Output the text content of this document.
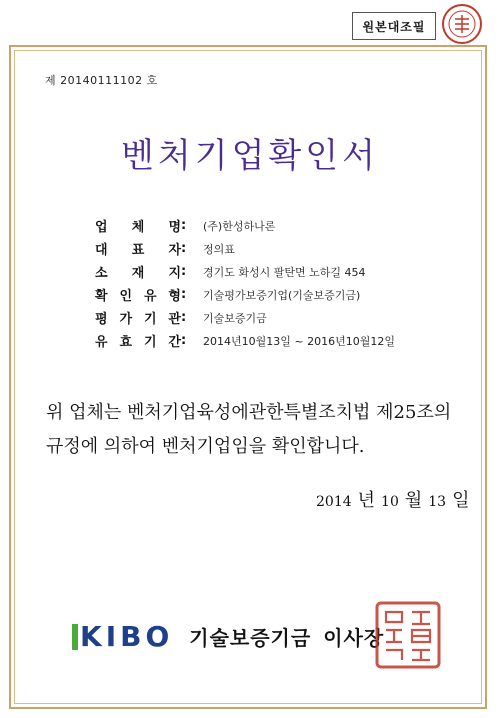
원본대조필
제 20140111102 호
벤처기업확인서
업 체 명 :	(주)한성하나론
대 표 자 :	정의표
소 재 지 :	경기도 화성시 팔탄면 노하길 454
확 인 유 형 :	기술평가보증기업(기술보증기금)
평 가 기 관 :	기술보증기금
유 효 기 간 :	2014년10월13일 ~ 2016년10월12일
위 업체는 벤처기업육성에관한특별조치법 제25조의
규정에 의하여 벤처기업임을 확인합니다.
2014 년 10 월 13 일
KIBO 기술보증기금 이사장
